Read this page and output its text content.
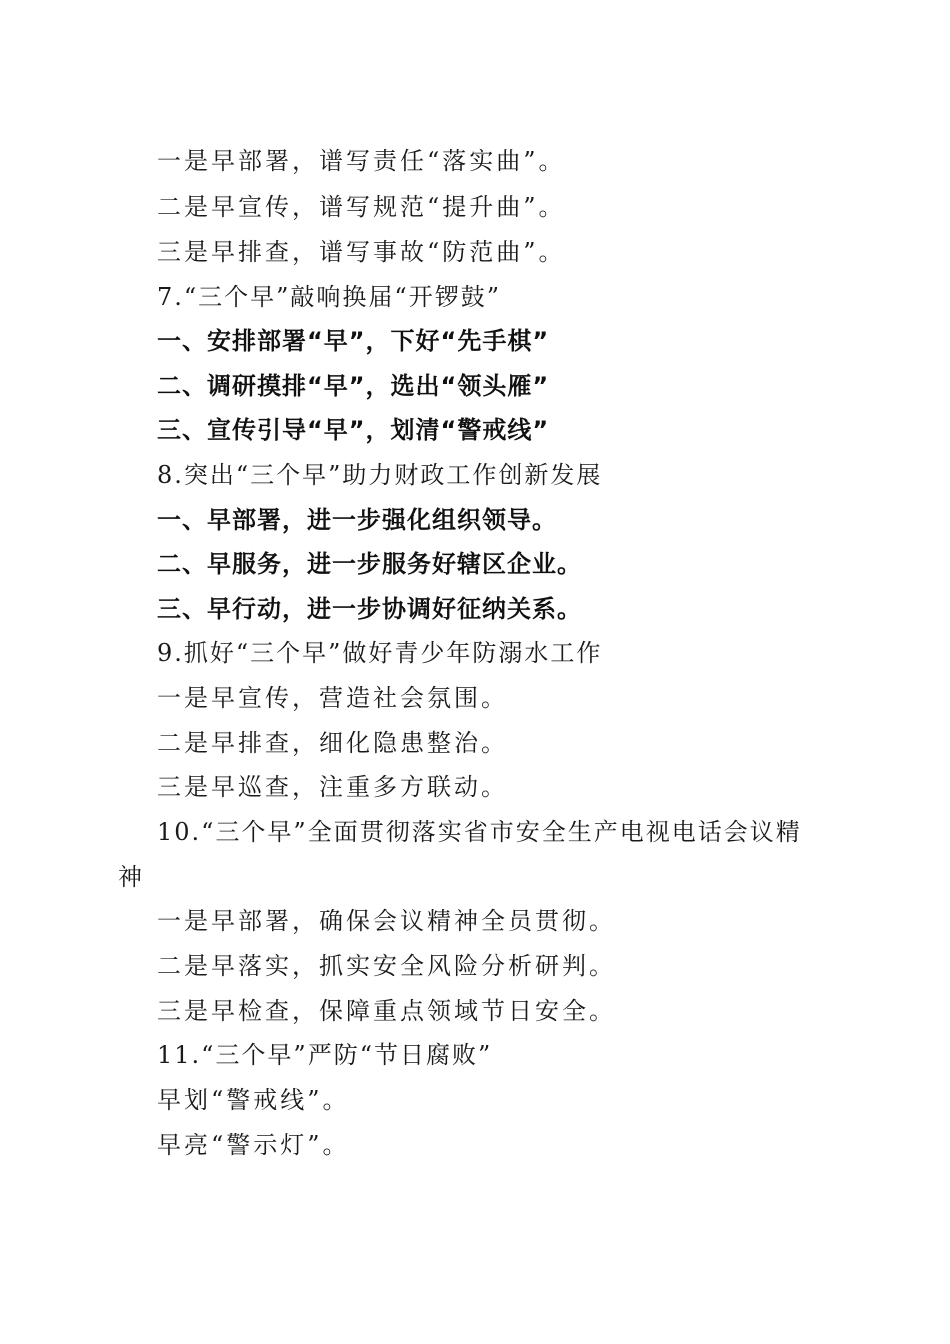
一是早部署，谱写责任“落实曲”。
二是早宣传，谱写规范“提升曲”。
三是早排查，谱写事故“防范曲”。
7.“三个早”敲响换届“开锣鼓”
一、安排部署“早”，下好“先手棋”
二、调研摸排“早”，选出“领头雁”
三、宣传引导“早”，划清“警戒线”
8.突出“三个早”助力财政工作创新发展
一、早部署，进一步强化组织领导。
二、早服务，进一步服务好辖区企业。
三、早行动，进一步协调好征纳关系。
9.抓好“三个早”做好青少年防溺水工作
一是早宣传，营造社会氛围。
二是早排查，细化隐患整治。
三是早巡查，注重多方联动。
10.“三个早”全面贯彻落实省市安全生产电视电话会议精
神
一是早部署，确保会议精神全员贯彻。
二是早落实，抓实安全风险分析研判。
三是早检查，保障重点领域节日安全。
11.“三个早”严防“节日腐败”
早划“警戒线”。
早亮“警示灯”。
